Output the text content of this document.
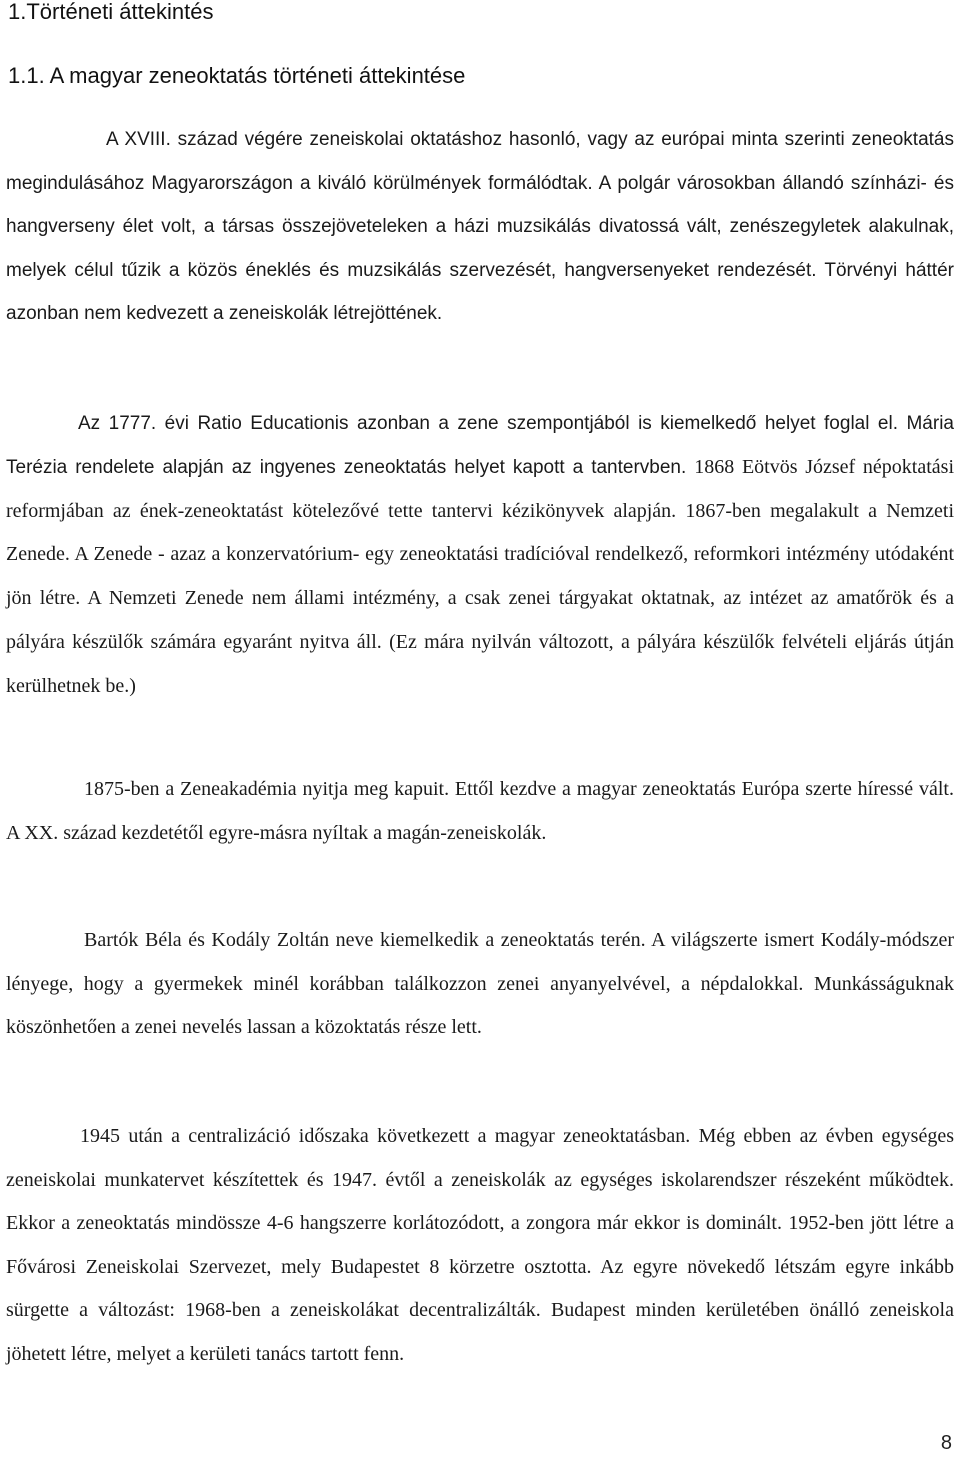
1.Történeti áttekintés
1.1. A magyar zeneoktatás történeti áttekintése

A XVIII. század végére zeneiskolai oktatáshoz hasonló, vagy az európai minta szerinti zeneoktatás megindulásához Magyarországon a kiváló körülmények formálódtak. A polgár városokban állandó színházi- és hangverseny élet volt, a társas összejöveteleken a házi muzsikálás divatossá vált, zenészegyletek alakulnak, melyek célul tűzik a közös éneklés és muzsikálás szervezését, hangversenyeket rendezését. Törvényi háttér azonban nem kedvezett a zeneiskolák létrejöttének.

Az 1777. évi Ratio Educationis azonban a zene szempontjából is kiemelkedő helyet foglal el. Mária Terézia rendelete alapján az ingyenes zeneoktatás helyet kapott a tantervben. 1868 Eötvös József népoktatási reformjában az ének-zeneoktatást kötelezővé tette tantervi kézikönyvek alapján. 1867-ben megalakult a Nemzeti Zenede. A Zenede - azaz a konzervatórium- egy zeneoktatási tradícióval rendelkező, reformkori intézmény utódaként jön létre. A Nemzeti Zenede nem állami intézmény, a csak zenei tárgyakat oktatnak, az intézet az amatőrök és a pályára készülők számára egyaránt nyitva áll. (Ez mára nyilván változott, a pályára készülők felvételi eljárás útján kerülhetnek be.)

1875-ben a Zeneakadémia nyitja meg kapuit. Ettől kezdve a magyar zeneoktatás Európa szerte híressé vált. A XX. század kezdetétől egyre-másra nyíltak a magán-zeneiskolák.

Bartók Béla és Kodály Zoltán neve kiemelkedik a zeneoktatás terén. A világszerte ismert Kodály-módszer lényege, hogy a gyermekek minél korábban találkozzon zenei anyanyelvével, a népdalokkal. Munkásságuknak köszönhetően a zenei nevelés lassan a közoktatás része lett.

1945 után a centralizáció időszaka következett a magyar zeneoktatásban. Még ebben az évben egységes zeneiskolai munkatervet készítettek és 1947. évtől a zeneiskolák az egységes iskolarendszer részeként működtek. Ekkor a zeneoktatás mindössze 4-6 hangszerre korlátozódott, a zongora már ekkor is dominált. 1952-ben jött létre a Fővárosi Zeneiskolai Szervezet, mely Budapestet 8 körzetre osztotta. Az egyre növekedő létszám egyre inkább sürgette a változást: 1968-ben a zeneiskolákat decentralizálták. Budapest minden kerületében önálló zeneiskola jöhetett létre, melyet a kerületi tanács tartott fenn.

8
